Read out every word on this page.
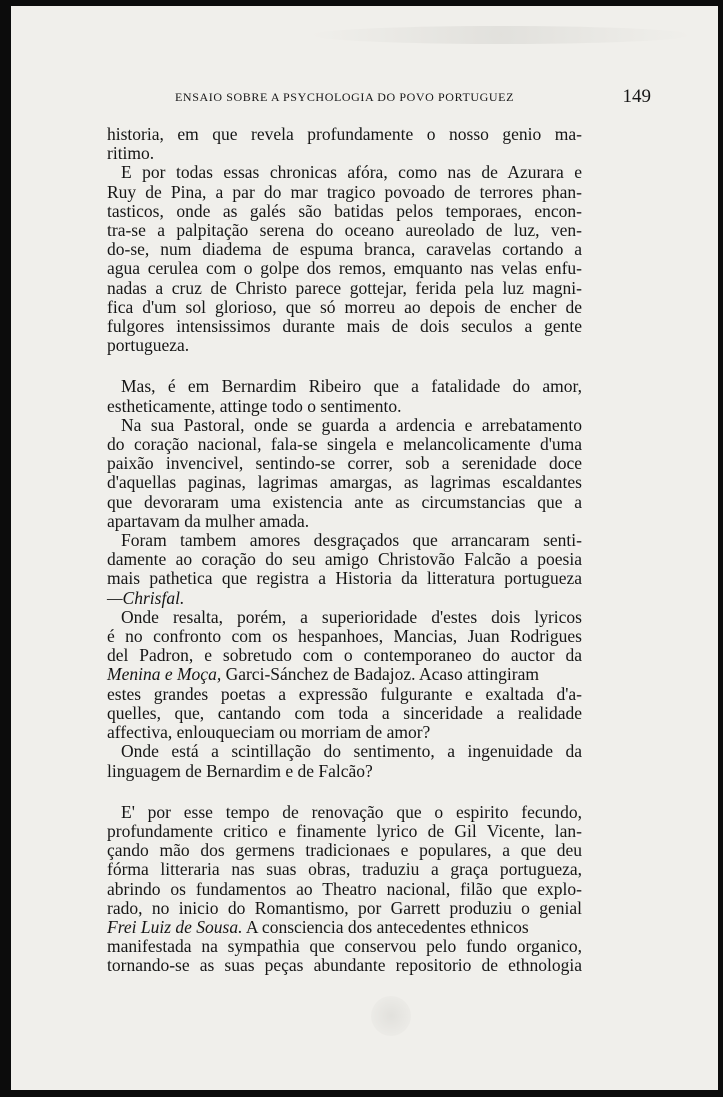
ENSAIO SOBRE A PSYCHOLOGIA DO POVO PORTUGUEZ	149
historia, em que revela profundamente o nosso genio ma-
ritimo.
E por todas essas chronicas afóra, como nas de Azurara e
Ruy de Pina, a par do mar tragico povoado de terrores phan-
tasticos, onde as galés são batidas pelos temporaes, encon-
tra-se a palpitação serena do oceano aureolado de luz, ven-
do-se, num diadema de espuma branca, caravelas cortando a
agua cerulea com o golpe dos remos, emquanto nas velas enfu-
nadas a cruz de Christo parece gottejar, ferida pela luz magni-
fica d'um sol glorioso, que só morreu ao depois de encher de
fulgores intensissimos durante mais de dois seculos a gente
portugueza.
Mas, é em Bernardim Ribeiro que a fatalidade do amor,
estheticamente, attinge todo o sentimento.
Na sua Pastoral, onde se guarda a ardencia e arrebatamento
do coração nacional, fala-se singela e melancolicamente d'uma
paixão invencivel, sentindo-se correr, sob a serenidade doce
d'aquellas paginas, lagrimas amargas, as lagrimas escaldantes
que devoraram uma existencia ante as circumstancias que a
apartavam da mulher amada.
Foram tambem amores desgraçados que arrancaram senti-
damente ao coração do seu amigo Christovão Falcão a poesia
mais pathetica que registra a Historia da litteratura portugueza
—Chrisfal.
Onde resalta, porém, a superioridade d'estes dois lyricos
é no confronto com os hespanhoes, Mancias, Juan Rodrigues
del Padron, e sobretudo com o contemporaneo do auctor da
Menina e Moça, Garci-Sánchez de Badajoz. Acaso attingiram
estes grandes poetas a expressão fulgurante e exaltada d'a-
quelles, que, cantando com toda a sinceridade a realidade
affectiva, enlouqueciam ou morriam de amor?
Onde está a scintillação do sentimento, a ingenuidade da
linguagem de Bernardim e de Falcão?
E' por esse tempo de renovação que o espirito fecundo,
profundamente critico e finamente lyrico de Gil Vicente, lan-
çando mão dos germens tradicionaes e populares, a que deu
fórma litteraria nas suas obras, traduziu a graça portugueza,
abrindo os fundamentos ao Theatro nacional, filão que explo-
rado, no inicio do Romantismo, por Garrett produziu o genial
Frei Luiz de Sousa. A consciencia dos antecedentes ethnicos
manifestada na sympathia que conservou pelo fundo organico,
tornando-se as suas peças abundante repositorio de ethnologia
